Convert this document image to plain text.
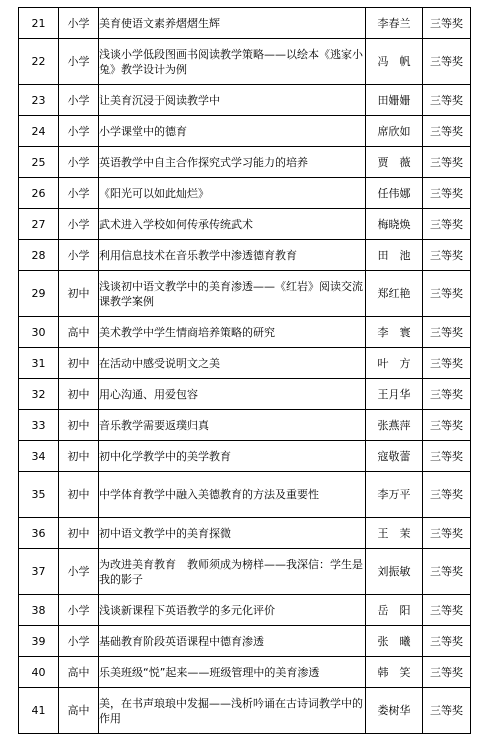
21	小学	美育使语文素养熠熠生辉	李春兰	三等奖
22	小学	浅谈小学低段图画书阅读教学策略——以绘本《逃家小兔》教学设计为例	冯　帆	三等奖
23	小学	让美育沉浸于阅读教学中	田姗姗	三等奖
24	小学	小学课堂中的德育	席欣如	三等奖
25	小学	英语教学中自主合作探究式学习能力的培养	贾　薇	三等奖
26	小学	《阳光可以如此灿烂》	任伟娜	三等奖
27	小学	武术进入学校如何传承传统武术	梅晓焕	三等奖
28	小学	利用信息技术在音乐教学中渗透德育教育	田　池	三等奖
29	初中	浅谈初中语文教学中的美育渗透——《红岩》阅读交流课教学案例	郑红艳	三等奖
30	高中	美术教学中学生情商培养策略的研究	李　寰	三等奖
31	初中	在活动中感受说明文之美	叶　方	三等奖
32	初中	用心沟通、用爱包容	王月华	三等奖
33	初中	音乐教学需要返璞归真	张燕萍	三等奖
34	初中	初中化学教学中的美学教育	寇敬蕾	三等奖
35	初中	中学体育教学中融入美德教育的方法及重要性	李万平	三等奖
36	初中	初中语文教学中的美育探微	王　茉	三等奖
37	小学	为改进美育教育　教师须成为榜样——我深信：学生是我的影子	刘振敏	三等奖
38	小学	浅谈新课程下英语教学的多元化评价	岳　阳	三等奖
39	小学	基础教育阶段英语课程中德育渗透	张　曦	三等奖
40	高中	乐美班级“悦”起来——班级管理中的美育渗透	韩　笑	三等奖
41	高中	美，在书声琅琅中发掘——浅析吟诵在古诗词教学中的作用	娄树华	三等奖
